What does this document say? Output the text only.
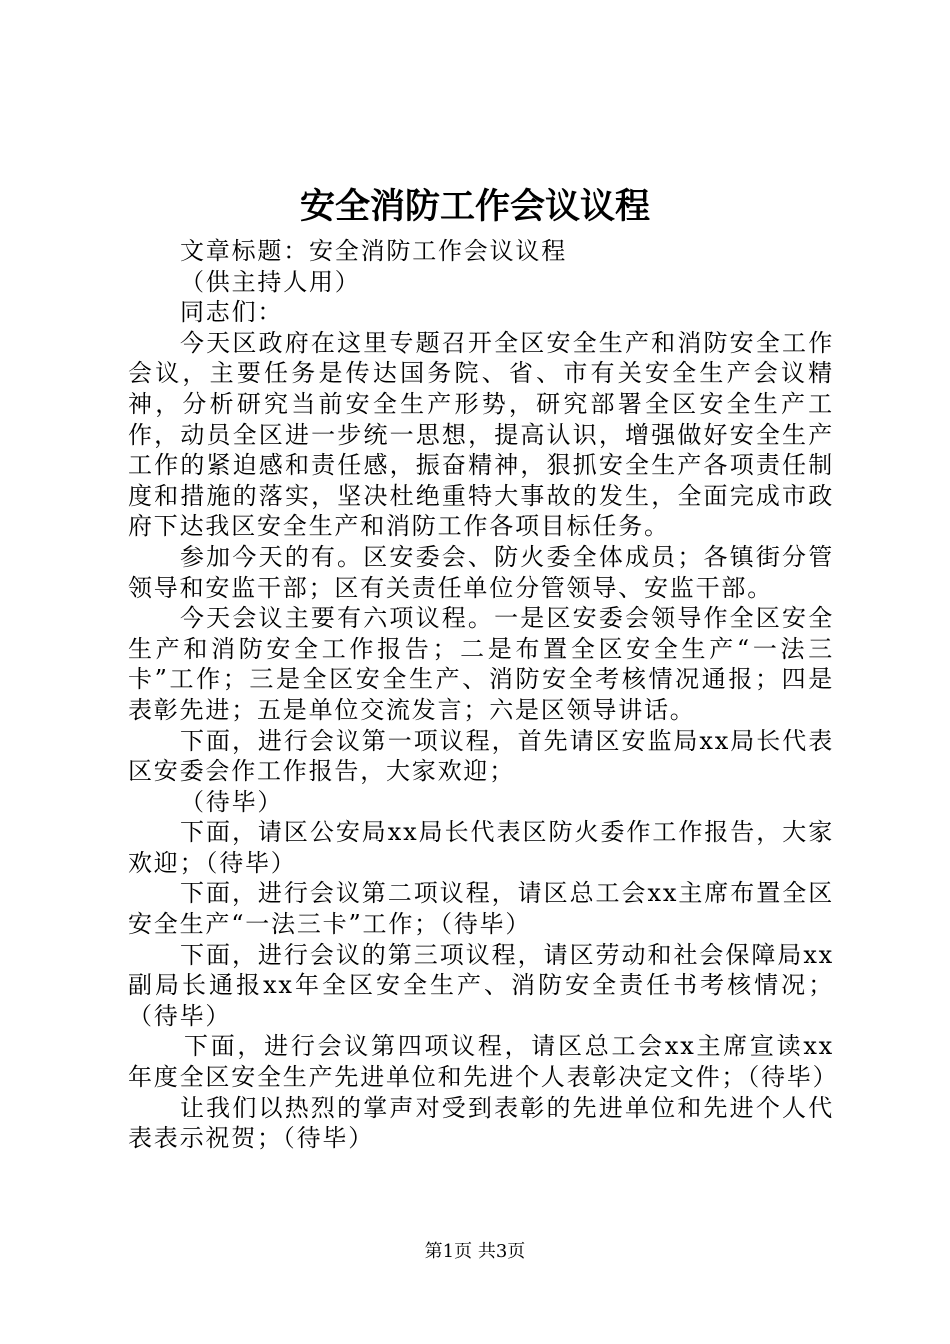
安全消防工作会议议程

文章标题：安全消防工作会议议程

（供主持人用）

同志们：

今天区政府在这里专题召开全区安全生产和消防安全工作会议，主要任务是传达国务院、省、市有关安全生产会议精神，分析研究当前安全生产形势，研究部署全区安全生产工作，动员全区进一步统一思想，提高认识，增强做好安全生产工作的紧迫感和责任感，振奋精神，狠抓安全生产各项责任制度和措施的落实，坚决杜绝重特大事故的发生，全面完成市政府下达我区安全生产和消防工作各项目标任务。

参加今天的有。区安委会、防火委全体成员；各镇街分管领导和安监干部；区有关责任单位分管领导、安监干部。

今天会议主要有六项议程。一是区安委会领导作全区安全生产和消防安全工作报告；二是布置全区安全生产“一法三卡”工作；三是全区安全生产、消防安全考核情况通报；四是表彰先进；五是单位交流发言；六是区领导讲话。

下面，进行会议第一项议程，首先请区安监局xx局长代表区安委会作工作报告，大家欢迎；

（待毕）

下面，请区公安局xx局长代表区防火委作工作报告，大家欢迎；（待毕）

下面，进行会议第二项议程，请区总工会xx主席布置全区安全生产“一法三卡”工作；（待毕）

下面，进行会议的第三项议程，请区劳动和社会保障局xx副局长通报xx年全区安全生产、消防安全责任书考核情况；（待毕）

下面，进行会议第四项议程，请区总工会xx主席宣读xx年度全区安全生产先进单位和先进个人表彰决定文件；（待毕）

让我们以热烈的掌声对受到表彰的先进单位和先进个人代表表示祝贺；（待毕）

第1页 共3页
